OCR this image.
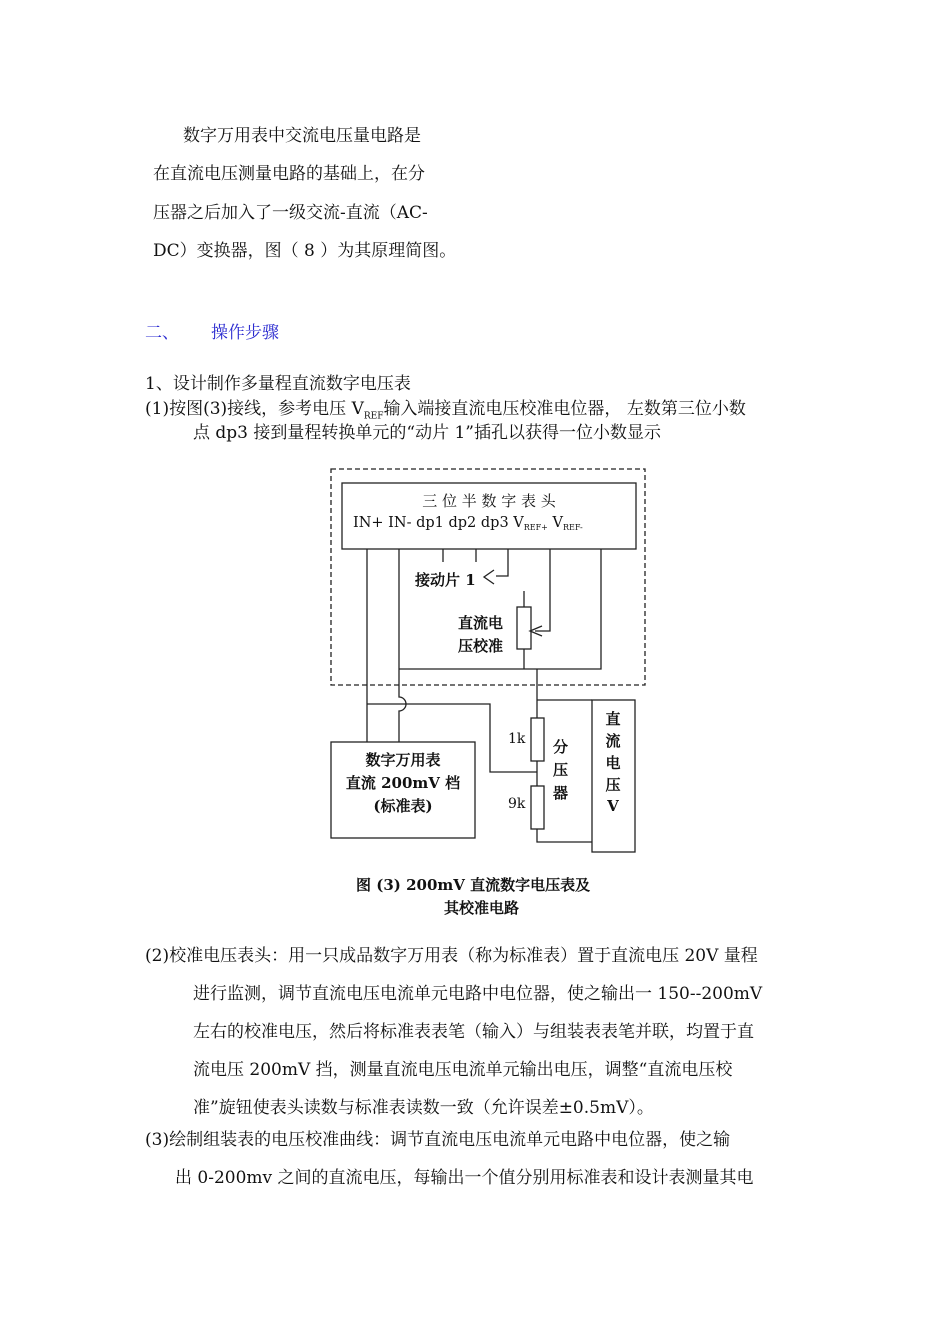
数字万用表中交流电压量电路是
在直流电压测量电路的基础上，在分
压器之后加入了一级交流-直流（AC-
DC）变换器，图（ 8 ）为其原理简图。
二、 操作步骤
1、设计制作多量程直流数字电压表
(1)按图(3)接线，参考电压 $V_{REF}$输入端接直流电压校准电位器， 左数第三位小数
点 dp3 接到量程转换单元的“动片 1”插孔以获得一位小数显示
三 位 半 数 字 表 头
IN+ IN- dp1 dp2 dp3 $V_{REF+}$ $V_{REF-}$
接动片 1
直流电
压校准
数字万用表
直流 200mV 档
(标准表)
1k
9k
分
压
器
直
流
电
压
V
图 (3) 200mV 直流数字电压表及
其校准电路
(2)校准电压表头：用一只成品数字万用表（称为标准表）置于直流电压 20V 量程
进行监测，调节直流电压电流单元电路中电位器，使之输出一 150--200mV
左右的校准电压，然后将标准表表笔（输入）与组装表表笔并联，均置于直
流电压 200mV 挡，测量直流电压电流单元输出电压，调整“直流电压校
准”旋钮使表头读数与标准表读数一致（允许误差±0.5mV）。
(3)绘制组装表的电压校准曲线：调节直流电压电流单元电路中电位器，使之输
出 0-200mv 之间的直流电压，每输出一个值分别用标准表和设计表测量其电
